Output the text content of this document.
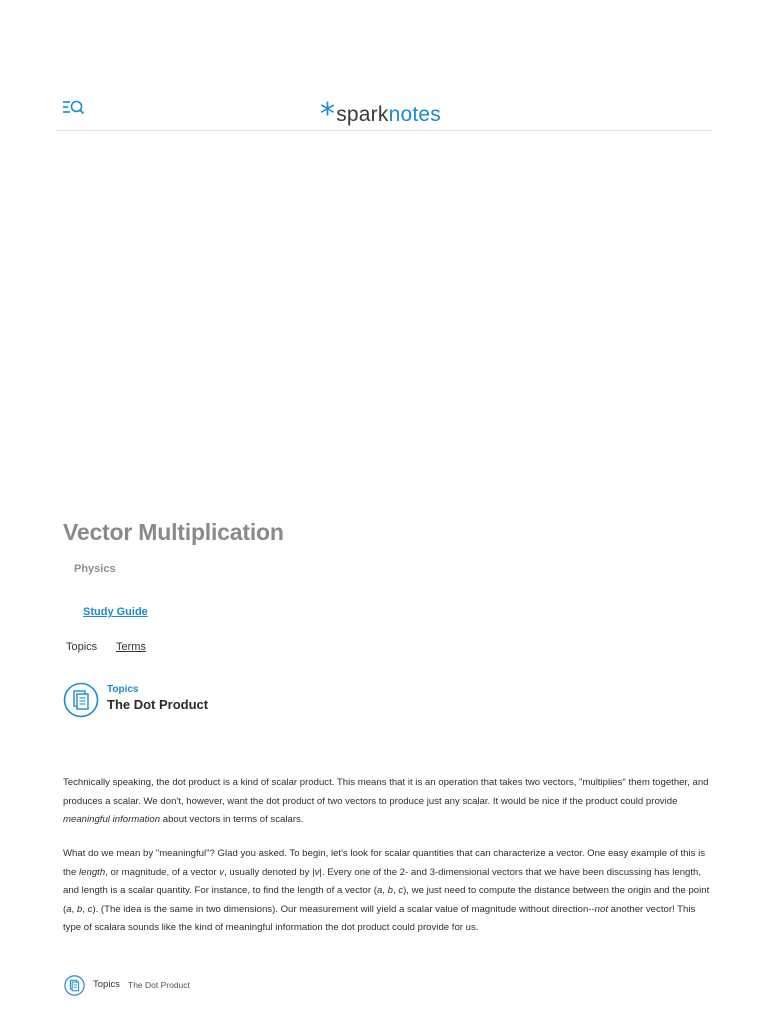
*sparknotes
Vector Multiplication
Physics
Study Guide
Topics Terms
Topics
The Dot Product

Technically speaking, the dot product is a kind of scalar product. This means that it is an operation that takes two vectors, "multiplies" them together, and produces a scalar. We don't, however, want the dot product of two vectors to produce just any scalar. It would be nice if the product could provide meaningful information about vectors in terms of scalars.

What do we mean by "meaningful"? Glad you asked. To begin, let's look for scalar quantities that can characterize a vector. One easy example of this is the length, or magnitude, of a vector v, usually denoted by |v|. Every one of the 2- and 3-dimensional vectors that we have been discussing has length, and length is a scalar quantity. For instance, to find the length of a vector (a, b, c), we just need to compute the distance between the origin and the point (a, b, c). (The idea is the same in two dimensions). Our measurement will yield a scalar value of magnitude without direction--not another vector! This type of scalara sounds like the kind of meaningful information the dot product could provide for us.

Topics The Dot Product
